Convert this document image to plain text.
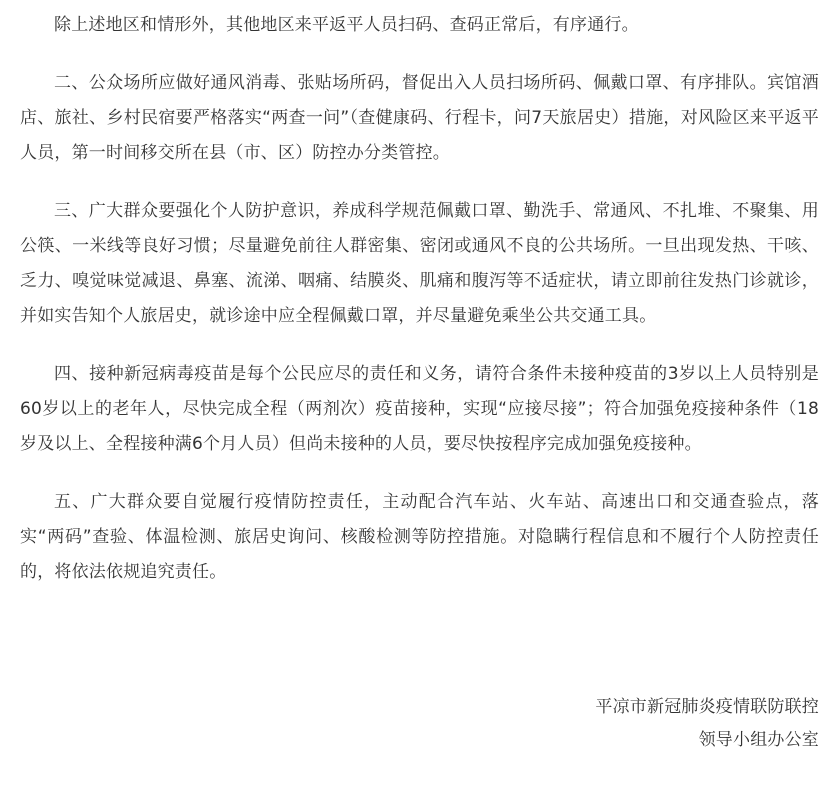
除上述地区和情形外，其他地区来平返平人员扫码、查码正常后，有序通行。

二、公众场所应做好通风消毒、张贴场所码，督促出入人员扫场所码、佩戴口罩、有序排队。宾馆酒店、旅社、乡村民宿要严格落实“两查一问”（查健康码、行程卡，问7天旅居史）措施，对风险区来平返平人员，第一时间移交所在县（市、区）防控办分类管控。

三、广大群众要强化个人防护意识，养成科学规范佩戴口罩、勤洗手、常通风、不扎堆、不聚集、用公筷、一米线等良好习惯；尽量避免前往人群密集、密闭或通风不良的公共场所。一旦出现发热、干咳、乏力、嗅觉味觉减退、鼻塞、流涕、咽痛、结膜炎、肌痛和腹泻等不适症状，请立即前往发热门诊就诊，并如实告知个人旅居史，就诊途中应全程佩戴口罩，并尽量避免乘坐公共交通工具。

四、接种新冠病毒疫苗是每个公民应尽的责任和义务，请符合条件未接种疫苗的3岁以上人员特别是60岁以上的老年人，尽快完成全程（两剂次）疫苗接种，实现“应接尽接”；符合加强免疫接种条件（18岁及以上、全程接种满6个月人员）但尚未接种的人员，要尽快按程序完成加强免疫接种。

五、广大群众要自觉履行疫情防控责任，主动配合汽车站、火车站、高速出口和交通查验点，落实“两码”查验、体温检测、旅居史询问、核酸检测等防控措施。对隐瞒行程信息和不履行个人防控责任的，将依法依规追究责任。

平凉市新冠肺炎疫情联防联控
领导小组办公室
